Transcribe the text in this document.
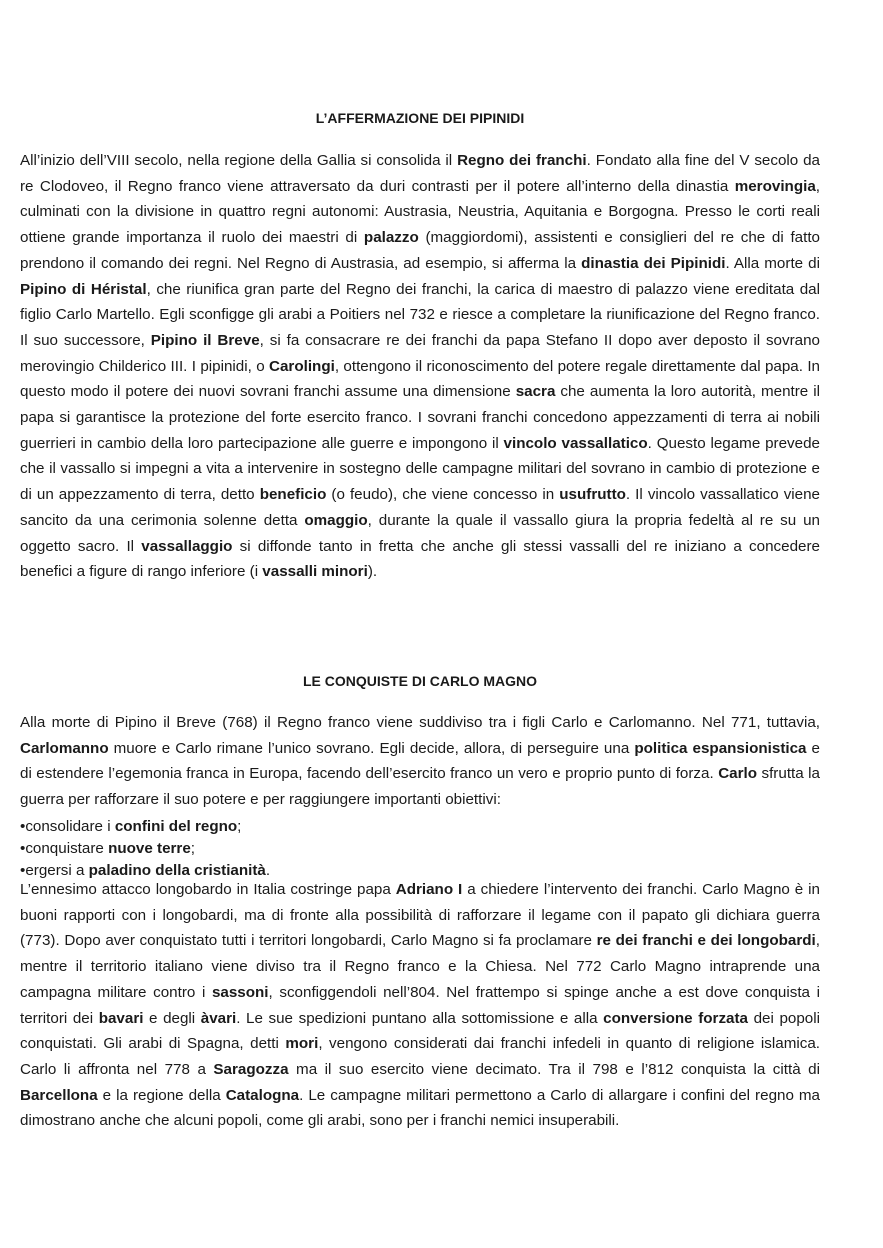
L’AFFERMAZIONE DEI PIPINIDI

All’inizio dell’VIII secolo, nella regione della Gallia si consolida il Regno dei franchi. Fondato alla fine del V secolo da re Clodoveo, il Regno franco viene attraversato da duri contrasti per il potere all’interno della dinastia merovingia, culminati con la divisione in quattro regni autonomi: Austrasia, Neustria, Aquitania e Borgogna. Presso le corti reali ottiene grande importanza il ruolo dei maestri di palazzo (maggiordomi), assistenti e consiglieri del re che di fatto prendono il comando dei regni. Nel Regno di Austrasia, ad esempio, si afferma la dinastia dei Pipinidi. Alla morte di Pipino di Héristal, che riunifica gran parte del Regno dei franchi, la carica di maestro di palazzo viene ereditata dal figlio Carlo Martello. Egli sconfigge gli arabi a Poitiers nel 732 e riesce a completare la riunificazione del Regno franco. Il suo successore, Pipino il Breve, si fa consacrare re dei franchi da papa Stefano II dopo aver deposto il sovrano merovingio Childerico III. I pipinidi, o Carolingi, ottengono il riconoscimento del potere regale direttamente dal papa. In questo modo il potere dei nuovi sovrani franchi assume una dimensione sacra che aumenta la loro autorità, mentre il papa si garantisce la protezione del forte esercito franco. I sovrani franchi concedono appezzamenti di terra ai nobili guerrieri in cambio della loro partecipazione alle guerre e impongono il vincolo vassallatico. Questo legame prevede che il vassallo si impegni a vita a intervenire in sostegno delle campagne militari del sovrano in cambio di protezione e di un appezzamento di terra, detto beneficio (o feudo), che viene concesso in usufrutto. Il vincolo vassallatico viene sancito da una cerimonia solenne detta omaggio, durante la quale il vassallo giura la propria fedeltà al re su un oggetto sacro. Il vassallaggio si diffonde tanto in fretta che anche gli stessi vassalli del re iniziano a concedere benefici a figure di rango inferiore (i vassalli minori).

LE CONQUISTE DI CARLO MAGNO

Alla morte di Pipino il Breve (768) il Regno franco viene suddiviso tra i figli Carlo e Carlomanno. Nel 771, tuttavia, Carlomanno muore e Carlo rimane l’unico sovrano. Egli decide, allora, di perseguire una politica espansionistica e di estendere l’egemonia franca in Europa, facendo dell’esercito franco un vero e proprio punto di forza. Carlo sfrutta la guerra per rafforzare il suo potere e per raggiungere importanti obiettivi:

•consolidare i confini del regno;
•conquistare nuove terre;
•ergersi a paladino della cristianità.

L’ennesimo attacco longobardo in Italia costringe papa Adriano I a chiedere l’intervento dei franchi. Carlo Magno è in buoni rapporti con i longobardi, ma di fronte alla possibilità di rafforzare il legame con il papato gli dichiara guerra (773). Dopo aver conquistato tutti i territori longobardi, Carlo Magno si fa proclamare re dei franchi e dei longobardi, mentre il territorio italiano viene diviso tra il Regno franco e la Chiesa. Nel 772 Carlo Magno intraprende una campagna militare contro i sassoni, sconfiggendoli nell’804. Nel frattempo si spinge anche a est dove conquista i territori dei bavari e degli àvari. Le sue spedizioni puntano alla sottomissione e alla conversione forzata dei popoli conquistati. Gli arabi di Spagna, detti mori, vengono considerati dai franchi infedeli in quanto di religione islamica. Carlo li affronta nel 778 a Saragozza ma il suo esercito viene decimato. Tra il 798 e l’812 conquista la città di Barcellona e la regione della Catalogna. Le campagne militari permettono a Carlo di allargare i confini del regno ma dimostrano anche che alcuni popoli, come gli arabi, sono per i franchi nemici insuperabili.
